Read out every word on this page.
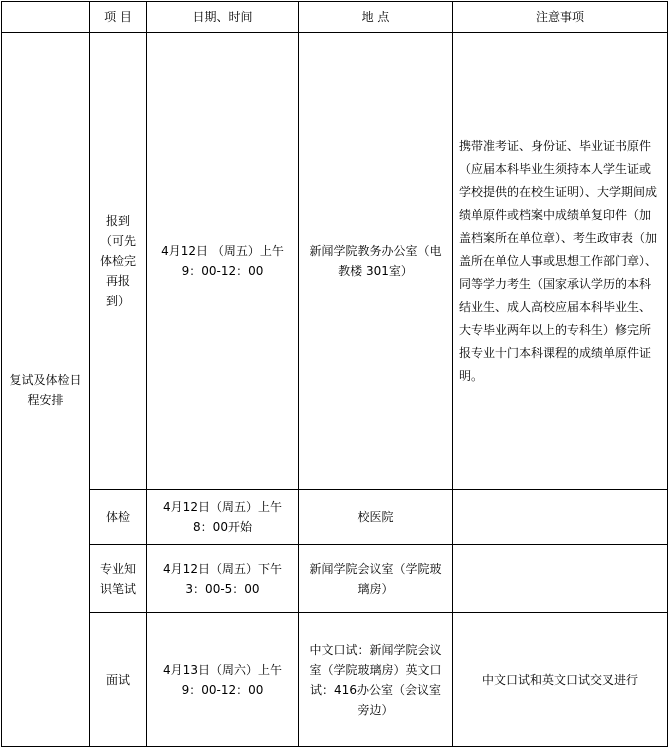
	项 目	日期、时间	地 点	注意事项
复试及体检日程安排	报到（可先体检完再报到）	4月12日 （周五）上午 9：00-12：00	新闻学院教务办公室（电教楼 301室）	携带准考证、身份证、毕业证书原件（应届本科毕业生须持本人学生证或学校提供的在校生证明）、大学期间成绩单原件或档案中成绩单复印件（加盖档案所在单位章）、考生政审表（加盖所在单位人事或思想工作部门章）、同等学力考生（国家承认学历的本科结业生、成人高校应届本科毕业生、大专毕业两年以上的专科生）修完所报专业十门本科课程的成绩单原件证明。
	体检	4月12日（周五）上午 8：00开始	校医院	
	专业知识笔试	4月12日（周五）下午 3：00-5：00	新闻学院会议室（学院玻璃房）	
	面试	4月13日（周六）上午 9：00-12：00	中文口试：新闻学院会议室（学院玻璃房）英文口试：416办公室（会议室旁边）	中文口试和英文口试交叉进行
